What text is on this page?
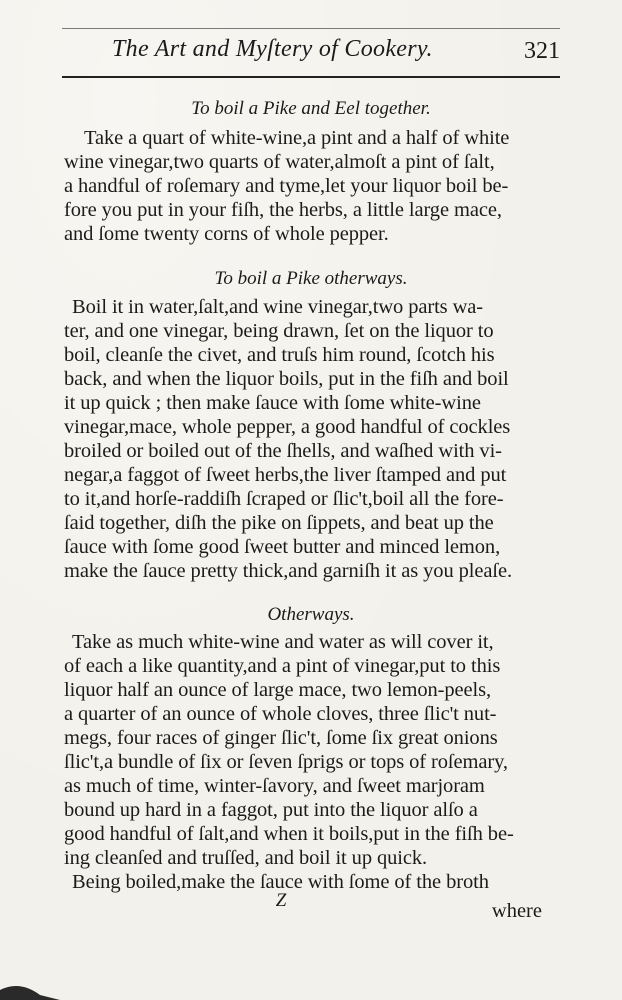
The Art and Myſtery of Cookery.	321
To boil a Pike and Eel together.
Take a quart of white-wine,a pint and a half of white
wine vinegar,two quarts of water,almoſt a pint of ſalt,
a handful of roſemary and tyme,let your liquor boil be-
fore you put in your fiſh, the herbs, a little large mace,
and ſome twenty corns of whole pepper.
To boil a Pike otherways.
Boil it in water,ſalt,and wine vinegar,two parts wa-
ter, and one vinegar, being drawn, ſet on the liquor to
boil, cleanſe the civet, and truſs him round, ſcotch his
back, and when the liquor boils, put in the fiſh and boil
it up quick ; then make ſauce with ſome white-wine
vinegar,mace, whole pepper, a good handful of cockles
broiled or boiled out of the ſhells, and waſhed with vi-
negar,a faggot of ſweet herbs,the liver ſtamped and put
to it,and horſe-raddiſh ſcraped or ſlic't,boil all the fore-
ſaid together, diſh the pike on ſippets, and beat up the
ſauce with ſome good ſweet butter and minced lemon,
make the ſauce pretty thick,and garniſh it as you pleaſe.
Otherways.
Take as much white-wine and water as will cover it,
of each a like quantity,and a pint of vinegar,put to this
liquor half an ounce of large mace, two lemon-peels,
a quarter of an ounce of whole cloves, three ſlic't nut-
megs, four races of ginger ſlic't, ſome ſix great onions
ſlic't,a bundle of ſix or ſeven ſprigs or tops of roſemary,
as much of time, winter-ſavory, and ſweet marjoram
bound up hard in a faggot, put into the liquor alſo a
good handful of ſalt,and when it boils,put in the fiſh be-
ing cleanſed and truſſed, and boil it up quick.
Being boiled,make the ſauce with ſome of the broth
Z	where
